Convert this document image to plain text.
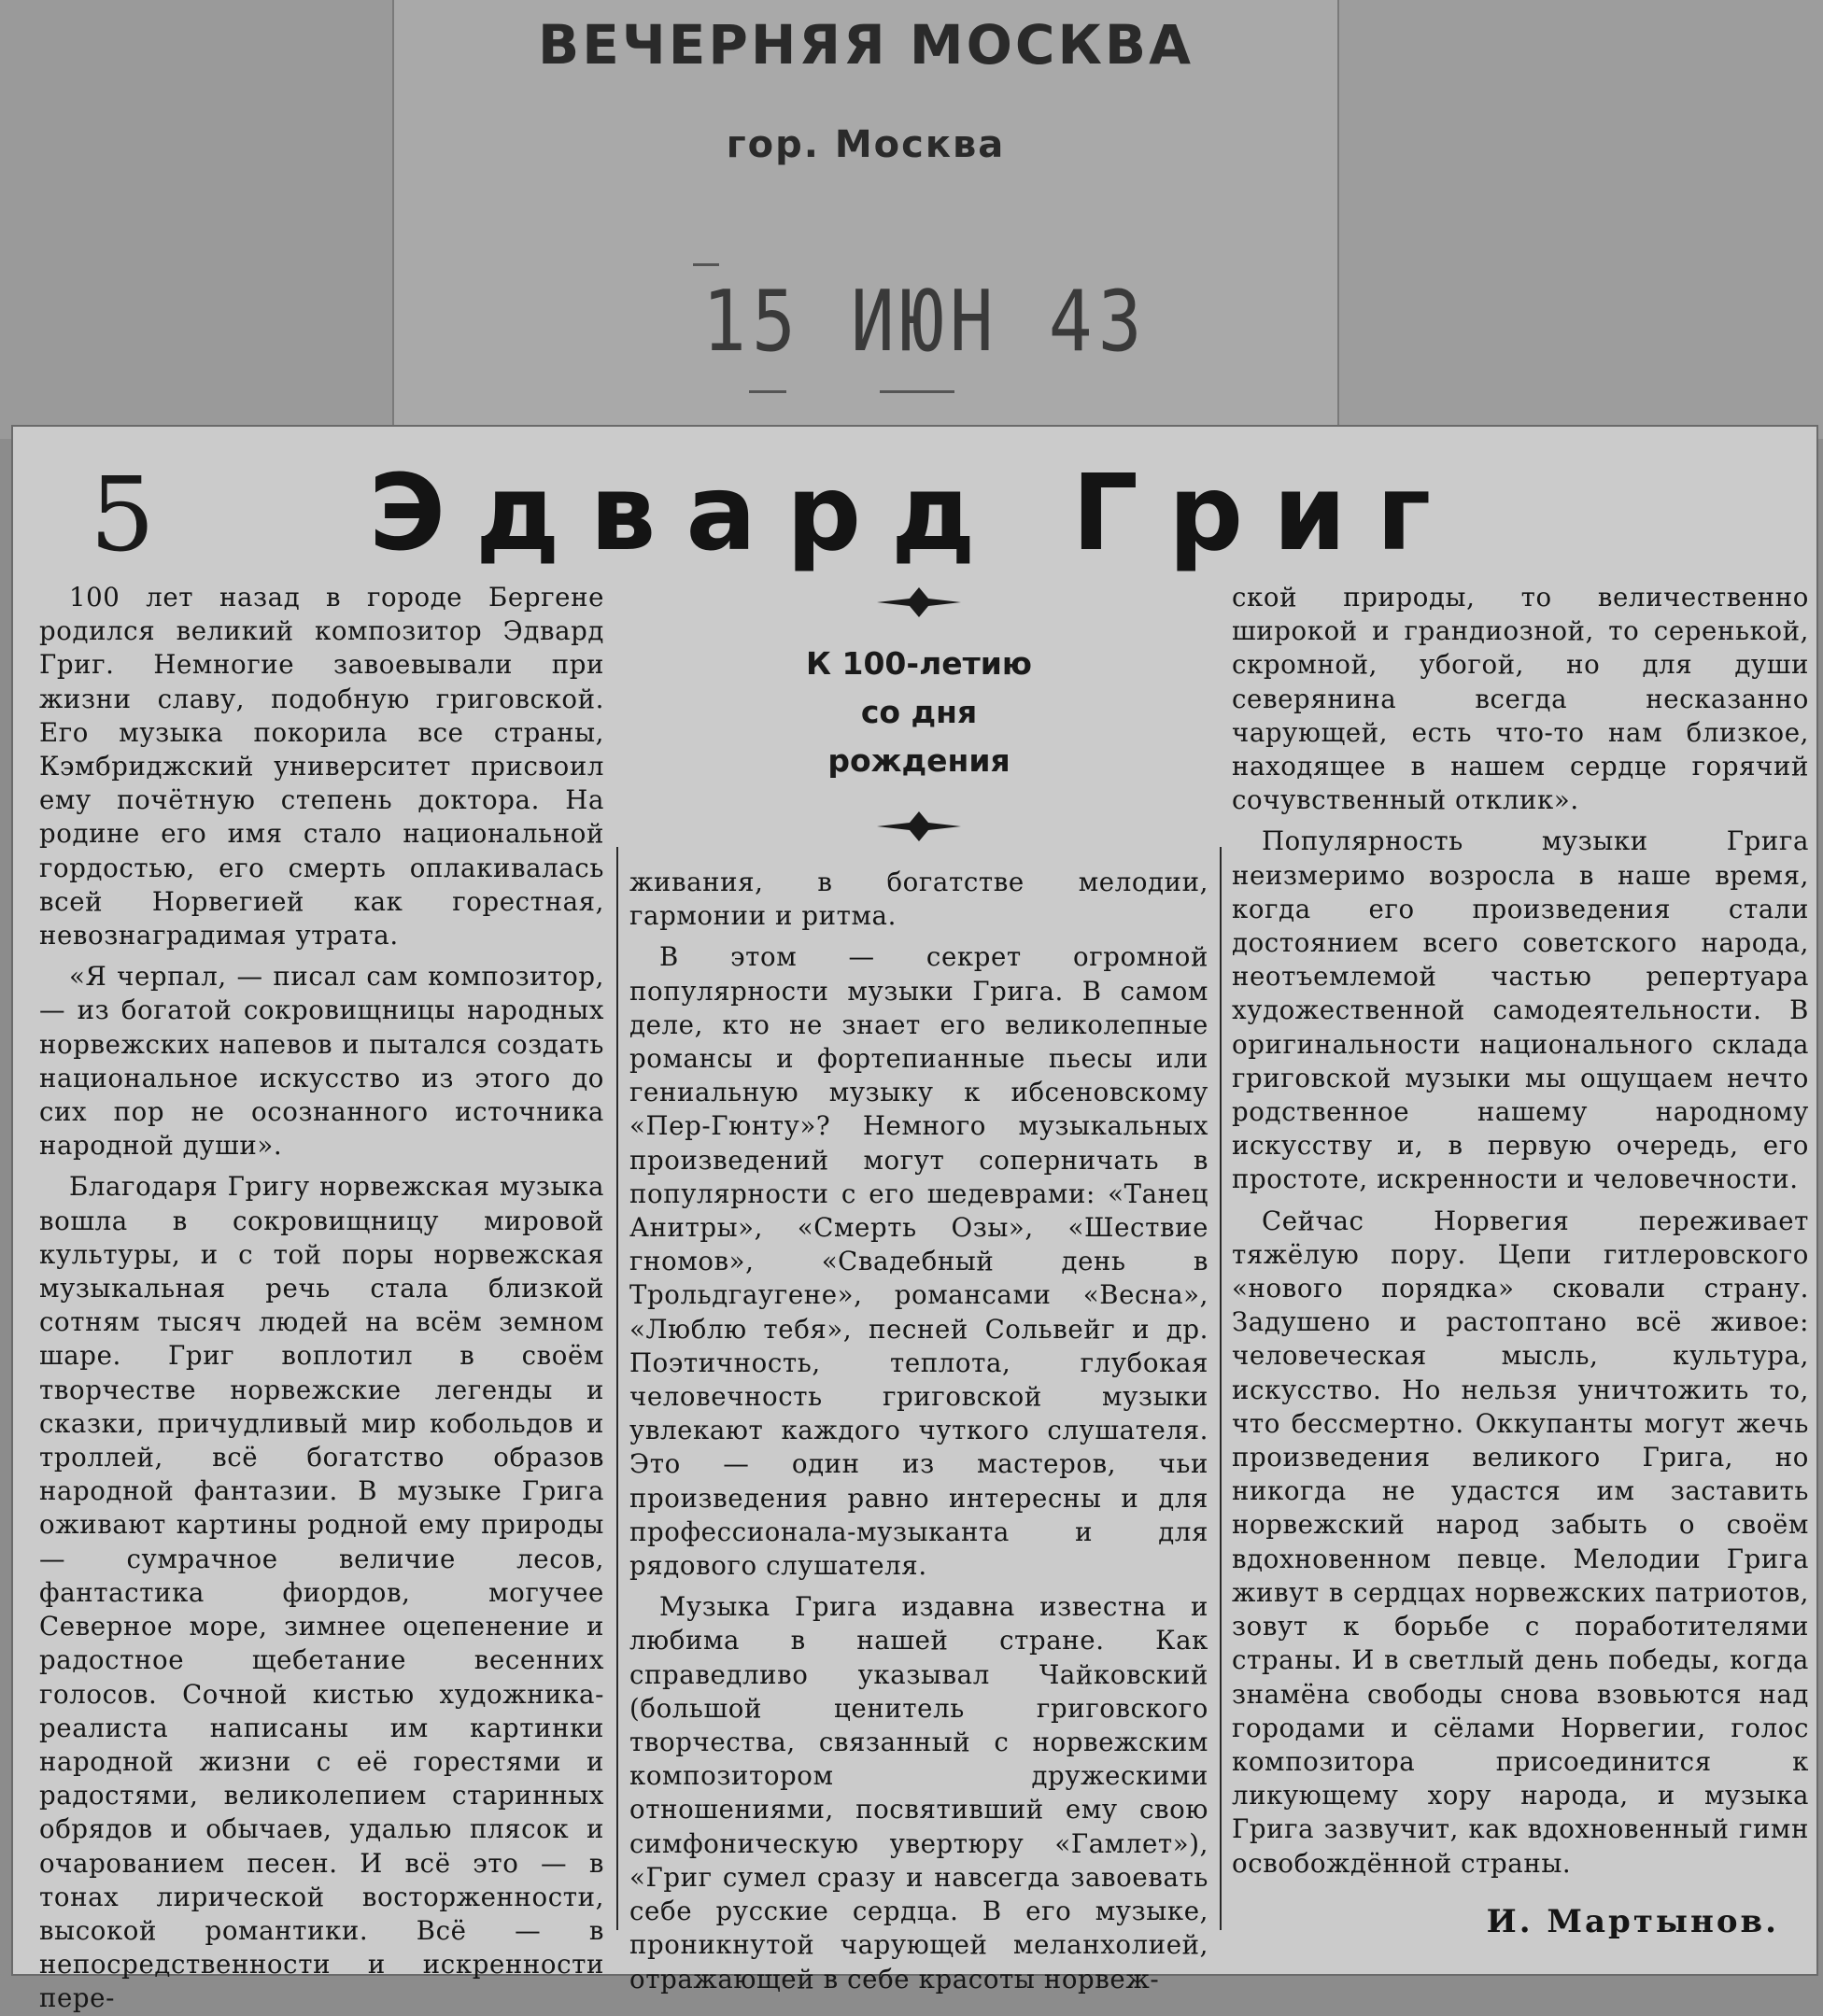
ВЕЧЕРНЯЯ МОСКВА
гор. Москва
15 ИЮН 43
5	Эдвард Григ
К 100-летию
со дня
рождения

100 лет назад в городе Бергене родился великий композитор Эдвард Григ. Немногие завоевывали при жизни славу, подобную григовской. Его музыка покорила все страны, Кэмбриджский университет присвоил ему почётную степень доктора. На родине его имя стало национальной гордостью, его смерть оплакивалась всей Норвегией как горестная, невознаградимая утрата.

«Я черпал, — писал сам композитор, — из богатой сокровищницы народных норвежских напевов и пытался создать национальное искусство из этого до сих пор не осознанного источника народной души».

Благодаря Григу норвежская музыка вошла в сокровищницу мировой культуры, и с той поры норвежская музыкальная речь стала близкой сотням тысяч людей на всём земном шаре. Григ воплотил в своём творчестве норвежские легенды и сказки, причудливый мир кобольдов и троллей, всё богатство образов народной фантазии. В музыке Грига оживают картины родной ему природы — сумрачное величие лесов, фантастика фиордов, могучее Северное море, зимнее оцепенение и радостное щебетание весенних голосов. Сочной кистью художника-реалиста написаны им картинки народной жизни с её горестями и радостями, великолепием старинных обрядов и обычаев, удалью плясок и очарованием песен. И всё это — в тонах лирической восторженности, высокой романтики. Всё — в непосредственности и искренности пере-

живания, в богатстве мелодии, гармонии и ритма.

В этом — секрет огромной популярности музыки Грига. В самом деле, кто не знает его великолепные романсы и фортепианные пьесы или гениальную музыку к ибсеновскому «Пер-Гюнту»? Немного музыкальных произведений могут соперничать в популярности с его шедеврами: «Танец Анитры», «Смерть Озы», «Шествие гномов», «Свадебный день в Трольдгаугене», романсами «Весна», «Люблю тебя», песней Сольвейг и др. Поэтичность, теплота, глубокая человечность григовской музыки увлекают каждого чуткого слушателя. Это — один из мастеров, чьи произведения равно интересны и для профессионала-музыканта и для рядового слушателя.

Музыка Грига издавна известна и любима в нашей стране. Как справедливо указывал Чайковский (большой ценитель григовского творчества, связанный с норвежским композитором дружескими отношениями, посвятивший ему свою симфоническую увертюру «Гамлет»), «Григ сумел сразу и навсегда завоевать себе русские сердца. В его музыке, проникнутой чарующей меланхолией, отражающей в себе красоты норвеж-

ской природы, то величественно широкой и грандиозной, то серенькой, скромной, убогой, но для души северянина всегда несказанно чарующей, есть что-то нам близкое, находящее в нашем сердце горячий сочувственный отклик».

Популярность музыки Грига неизмеримо возросла в наше время, когда его произведения стали достоянием всего советского народа, неотъемлемой частью репертуара художественной самодеятельности. В оригинальности национального склада григовской музыки мы ощущаем нечто родственное нашему народному искусству и, в первую очередь, его простоте, искренности и человечности.

Сейчас Норвегия переживает тяжёлую пору. Цепи гитлеровского «нового порядка» сковали страну. Задушено и растоптано всё живое: человеческая мысль, культура, искусство. Но нельзя уничтожить то, что бессмертно. Оккупанты могут жечь произведения великого Грига, но никогда не удастся им заставить норвежский народ забыть о своём вдохновенном певце. Мелодии Грига живут в сердцах норвежских патриотов, зовут к борьбе с поработителями страны. И в светлый день победы, когда знамёна свободы снова взовьются над городами и сёлами Норвегии, голос композитора присоединится к ликующему хору народа, и музыка Грига зазвучит, как вдохновенный гимн освобождённой страны.

И. Мартынов.
